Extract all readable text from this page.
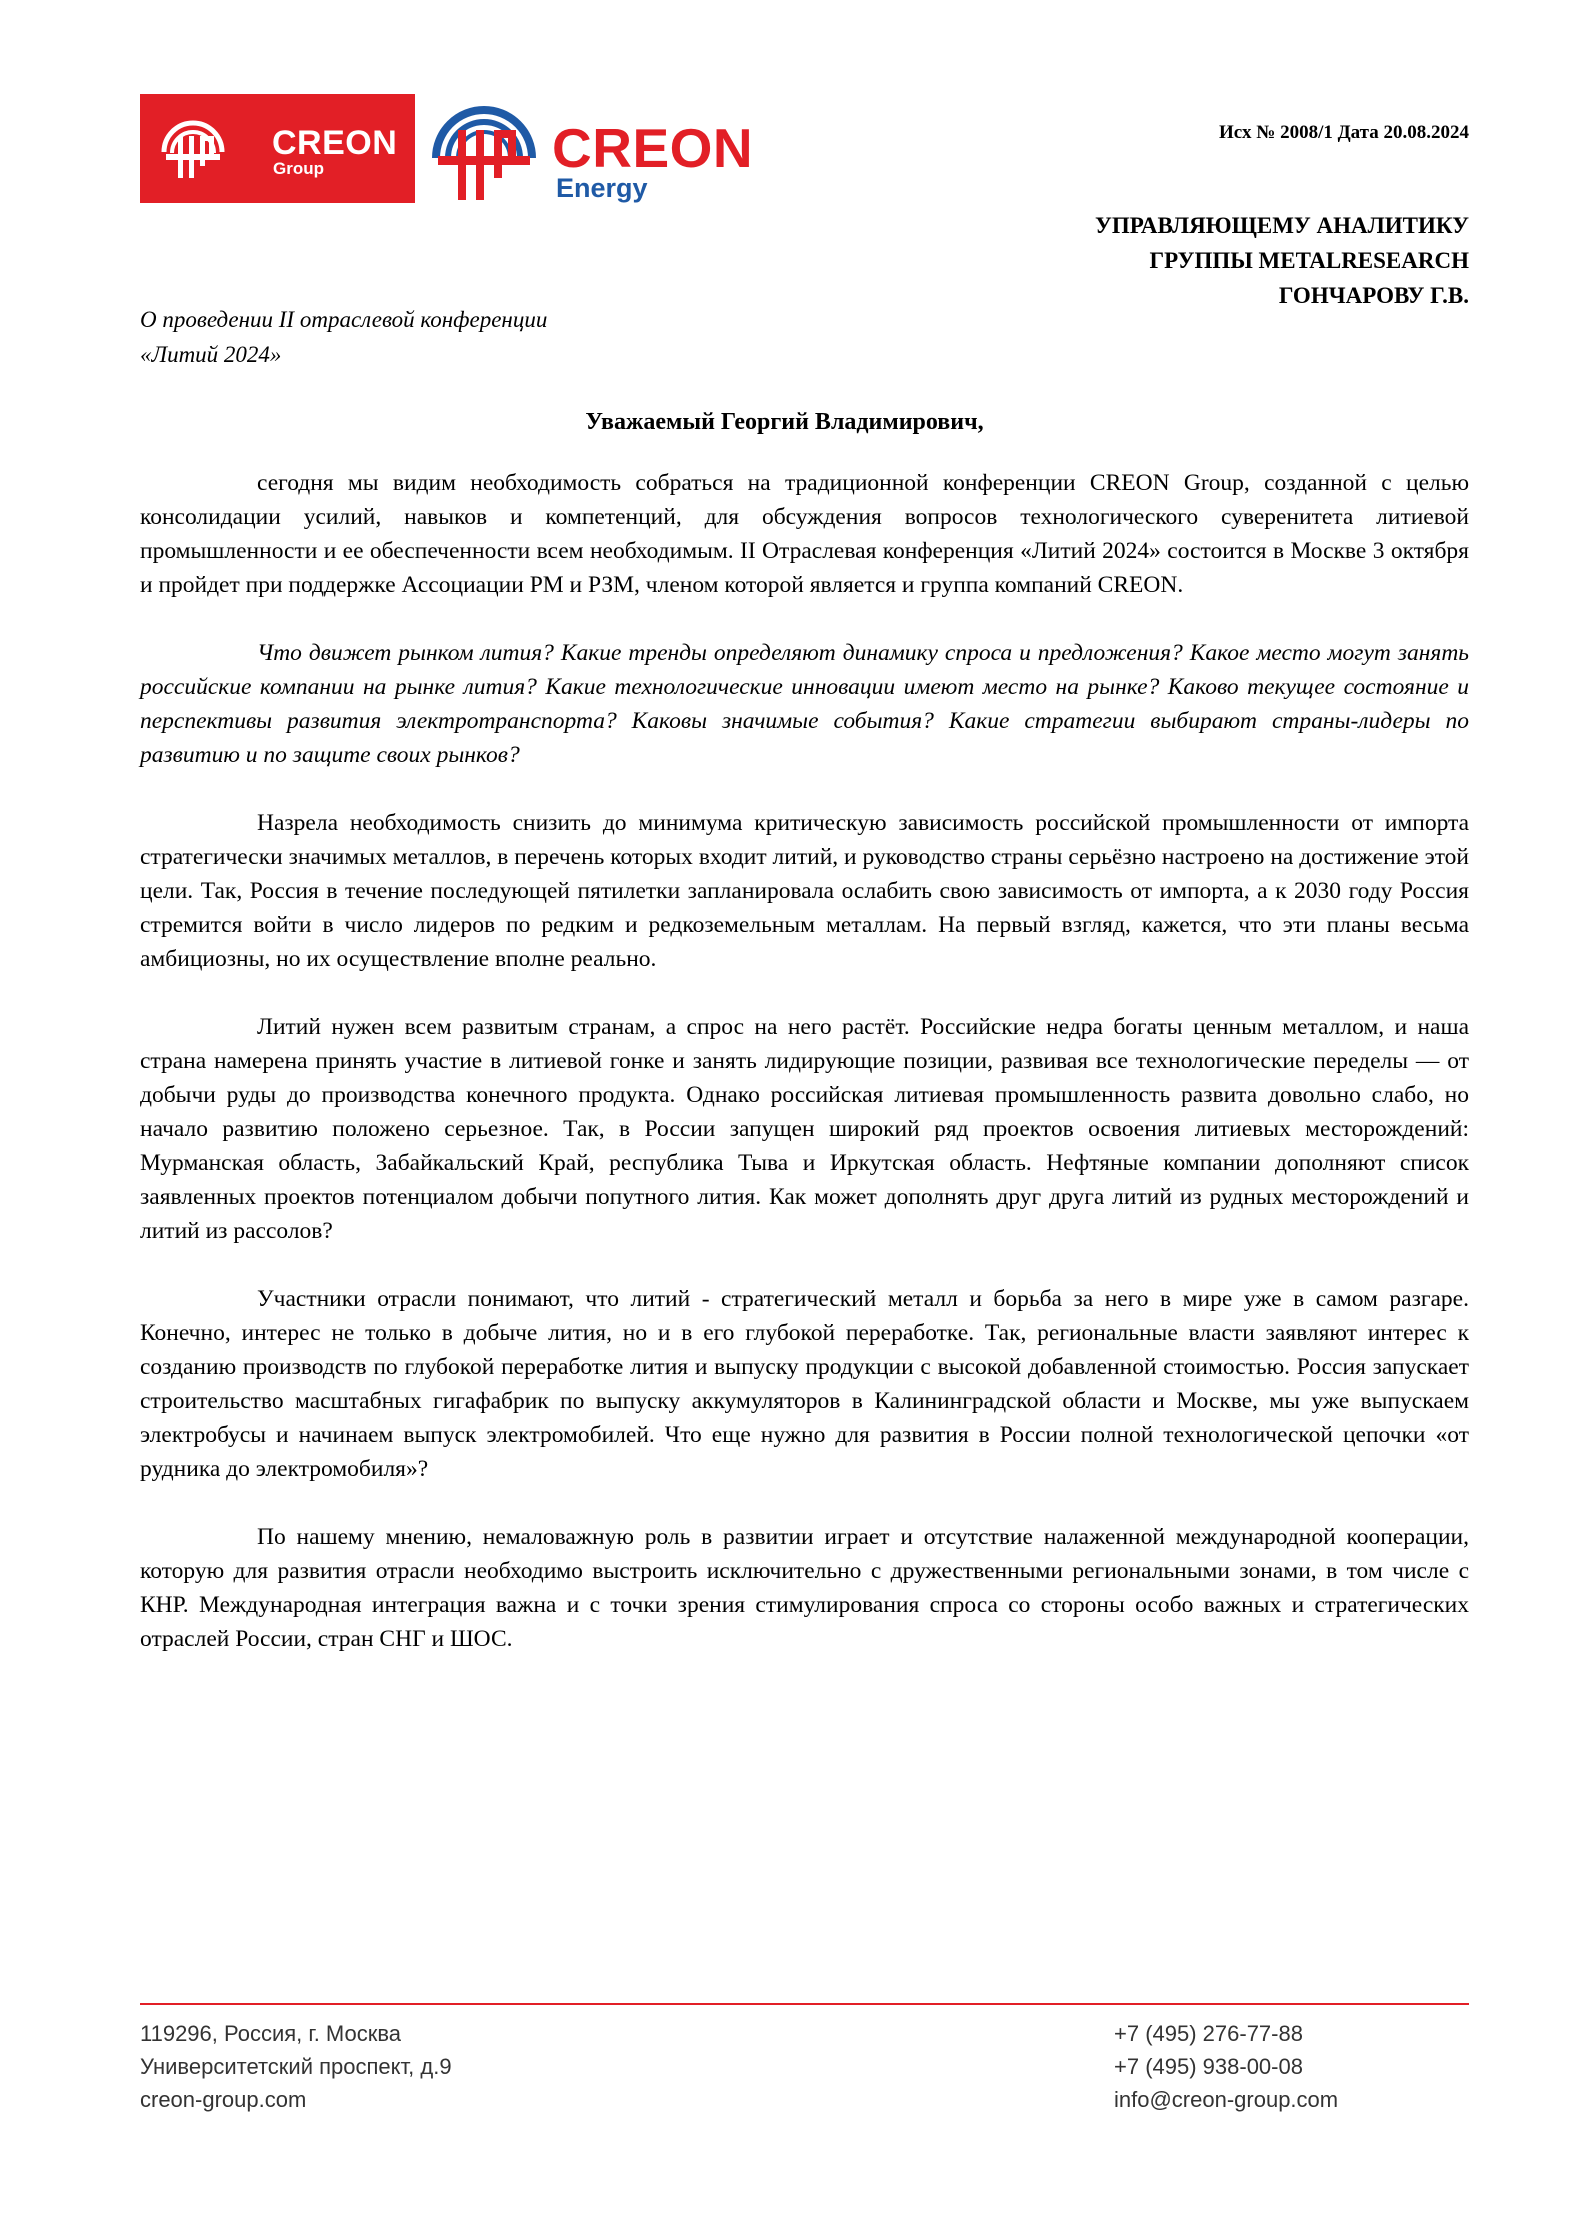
CREON
Group	CREON
Energy
Исх № 2008/1 Дата 20.08.2024
УПРАВЛЯЮЩЕМУ АНАЛИТИКУ
ГРУППЫ METALRESEARCH
ГОНЧАРОВУ Г.В.
О проведении II отраслевой конференции
«Литий 2024»
Уважаемый Георгий Владимирович,

сегодня мы видим необходимость собраться на традиционной конференции CREON Group, созданной с целью консолидации усилий, навыков и компетенций, для обсуждения вопросов технологического суверенитета литиевой промышленности и ее обеспеченности всем необходимым. II Отраслевая конференция «Литий 2024» состоится в Москве 3 октября и пройдет при поддержке Ассоциации РМ и РЗМ, членом которой является и группа компаний CREON.

Что движет рынком лития? Какие тренды определяют динамику спроса и предложения? Какое место могут занять российские компании на рынке лития? Какие технологические инновации имеют место на рынке? Каково текущее состояние и перспективы развития электротранспорта? Каковы значимые события? Какие стратегии выбирают страны-лидеры по развитию и по защите своих рынков?

Назрела необходимость снизить до минимума критическую зависимость российской промышленности от импорта стратегически значимых металлов, в перечень которых входит литий, и руководство страны серьёзно настроено на достижение этой цели. Так, Россия в течение последующей пятилетки запланировала ослабить свою зависимость от импорта, а к 2030 году Россия стремится войти в число лидеров по редким и редкоземельным металлам. На первый взгляд, кажется, что эти планы весьма амбициозны, но их осуществление вполне реально.

Литий нужен всем развитым странам, а спрос на него растёт. Российские недра богаты ценным металлом, и наша страна намерена принять участие в литиевой гонке и занять лидирующие позиции, развивая все технологические переделы — от добычи руды до производства конечного продукта. Однако российская литиевая промышленность развита довольно слабо, но начало развитию положено серьезное. Так, в России запущен широкий ряд проектов освоения литиевых месторождений: Мурманская область, Забайкальский Край, республика Тыва и Иркутская область. Нефтяные компании дополняют список заявленных проектов потенциалом добычи попутного лития. Как может дополнять друг друга литий из рудных месторождений и литий из рассолов?

Участники отрасли понимают, что литий - стратегический металл и борьба за него в мире уже в самом разгаре. Конечно, интерес не только в добыче лития, но и в его глубокой переработке. Так, региональные власти заявляют интерес к созданию производств по глубокой переработке лития и выпуску продукции с высокой добавленной стоимостью. Россия запускает строительство масштабных гигафабрик по выпуску аккумуляторов в Калининградской области и Москве, мы уже выпускаем электробусы и начинаем выпуск электромобилей. Что еще нужно для развития в России полной технологической цепочки «от рудника до электромобиля»?

По нашему мнению, немаловажную роль в развитии играет и отсутствие налаженной международной кооперации, которую для развития отрасли необходимо выстроить исключительно с дружественными региональными зонами, в том числе с КНР. Международная интеграция важна и с точки зрения стимулирования спроса со стороны особо важных и стратегических отраслей России, стран СНГ и ШОС.

119296, Россия, г. Москва
Университетский проспект, д.9
creon-group.com
+7 (495) 276-77-88
+7 (495) 938-00-08
info@creon-group.com
